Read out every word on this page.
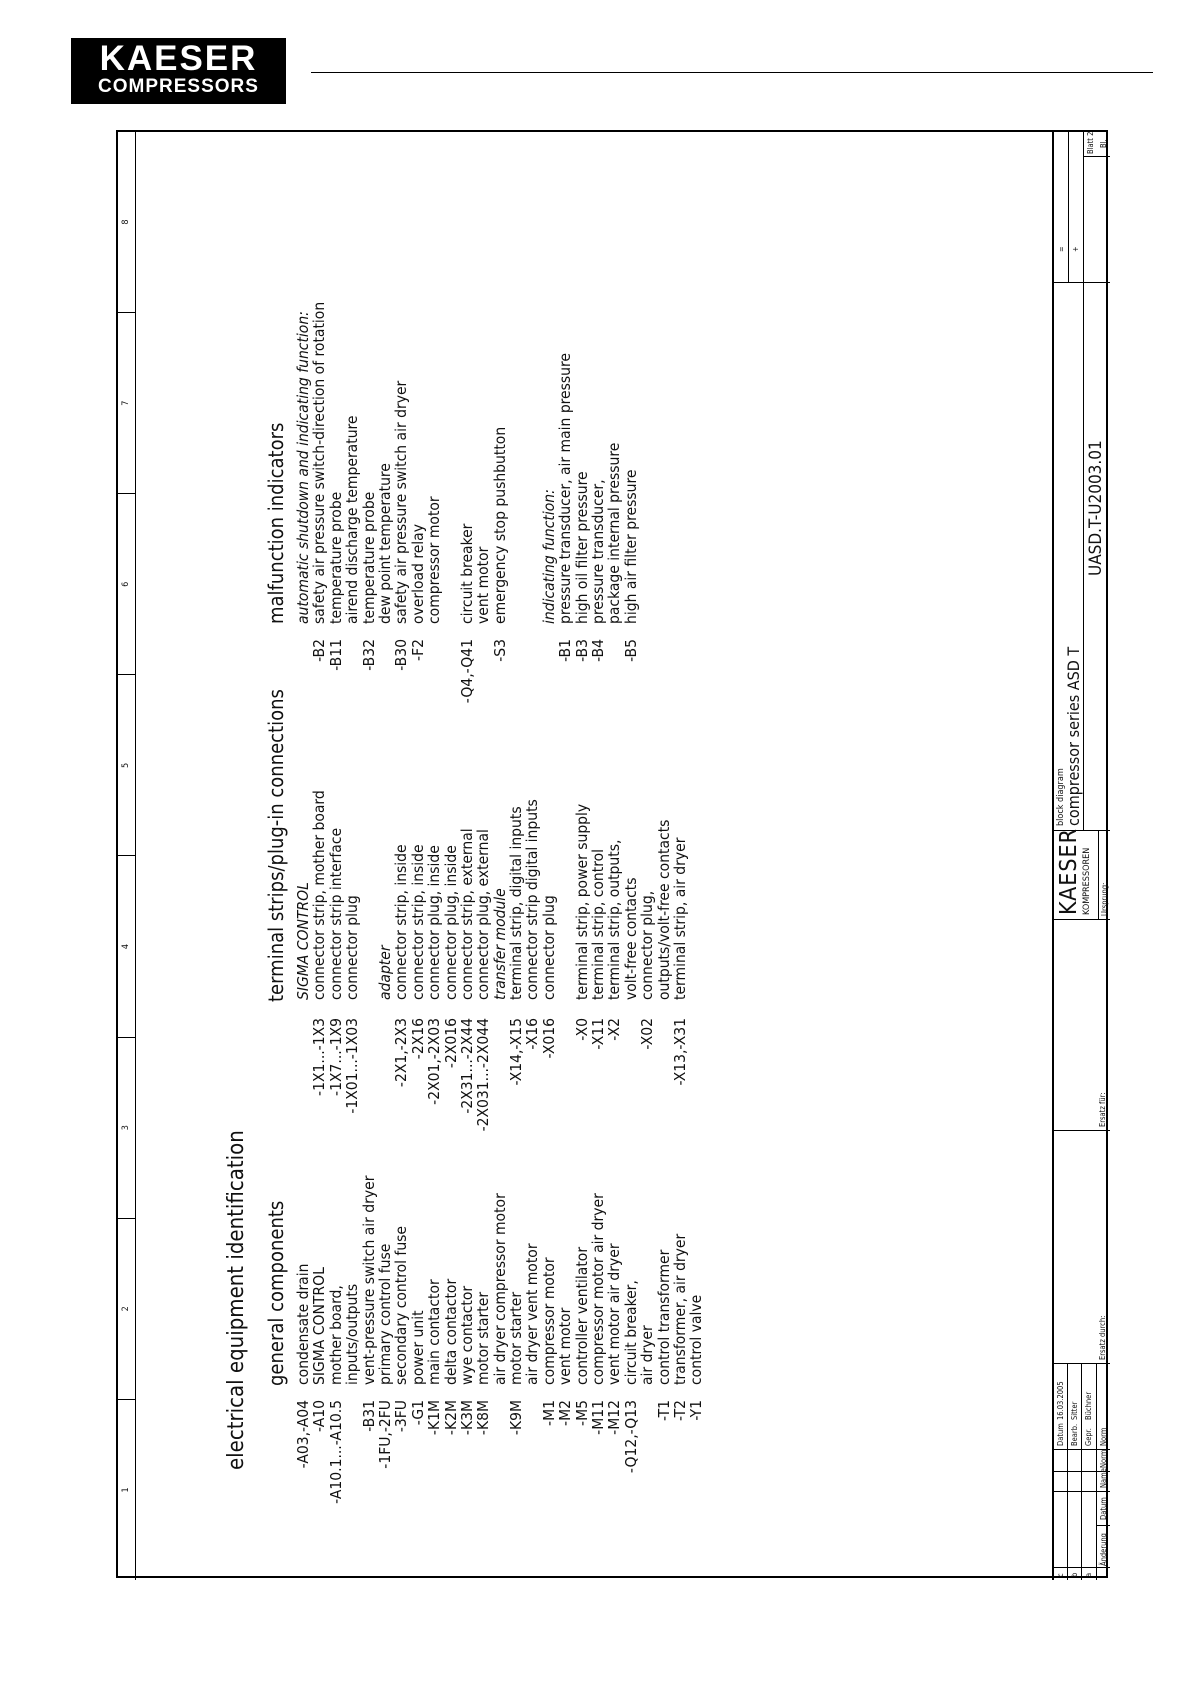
KAESER
COMPRESSORS
1
2
3
4
5
6
7
8
electrical equipment identification general components
-A03,-A04
condensate drain
-A10
SIGMA CONTROL
-A10.1...-A10.5
mother board,
inputs/outputs
-B31
vent-pressure switch air dryer
-1FU,-2FU
primary control fuse
-3FU
secondary control fuse
-G1
power unit
-K1M
main contactor
-K2M
delta contactor
-K3M
wye contactor
-K8M
motor starter
air dryer compressor motor
-K9M
motor starter
air dryer vent motor
-M1
compressor motor
-M2
vent motor
-M5
controller ventilator
-M11
compressor motor air dryer
-M12
vent motor air dryer
-Q12,-Q13
circuit breaker,
air dryer
-T1
control transformer
-T2
transformer, air dryer
-Y1
control valve
terminal strips/plug-in connections SIGMA CONTROL
-1X1...-1X3
connector strip, mother board
-1X7...-1X9
connector strip interface
-1X01...-1X03
connector plug adapter
-2X1,-2X3
connector strip, inside
-2X16
connector strip, inside
-2X01,-2X03
connector plug, inside
-2X016
connector plug, inside
-2X31...-2X44
connector strip, external
-2X031...-2X044
connector plug, external
transfer module
-X14,-X15
terminal strip, digital inputs
-X16
connector strip digital inputs
-X016
connector plug
-X0
terminal strip, power supply
-X11
terminal strip, control
-X2
terminal strip, outputs,
volt-free contacts
-X02
connector plug,
outputs/volt-free contacts
-X13,-X31
terminal strip, air dryer
malfunction indicators automatic shutdown and indicating function:
-B2
safety air pressure switch-direction of rotation
-B11
temperature probe
airend discharge temperature
-B32
temperature probe
dew point temperature
-B30
safety air pressure switch air dryer
-F2
overload relay
compressor motor
-Q4,-Q41
circuit breaker
vent motor
-S3
emergency stop pushbutton indicating function:
-B1
pressure transducer, air main pressure
-B3
high oil filter pressure
-B4
pressure transducer,
package internal pressure
-B5
high air filter pressure
c b a
Änderung
Datum
Name
Norm
Datum
16.03.2005
Bearb.
Sitter
Gepr.
Büchner
Norm
Ersatz durch:
Ersatz für:
KAESER KOMPRESSOREN Ursprung:
block diagram
compressor series ASD T
UASD.T-U2003.01
= +
Blatt 2 Bl.
